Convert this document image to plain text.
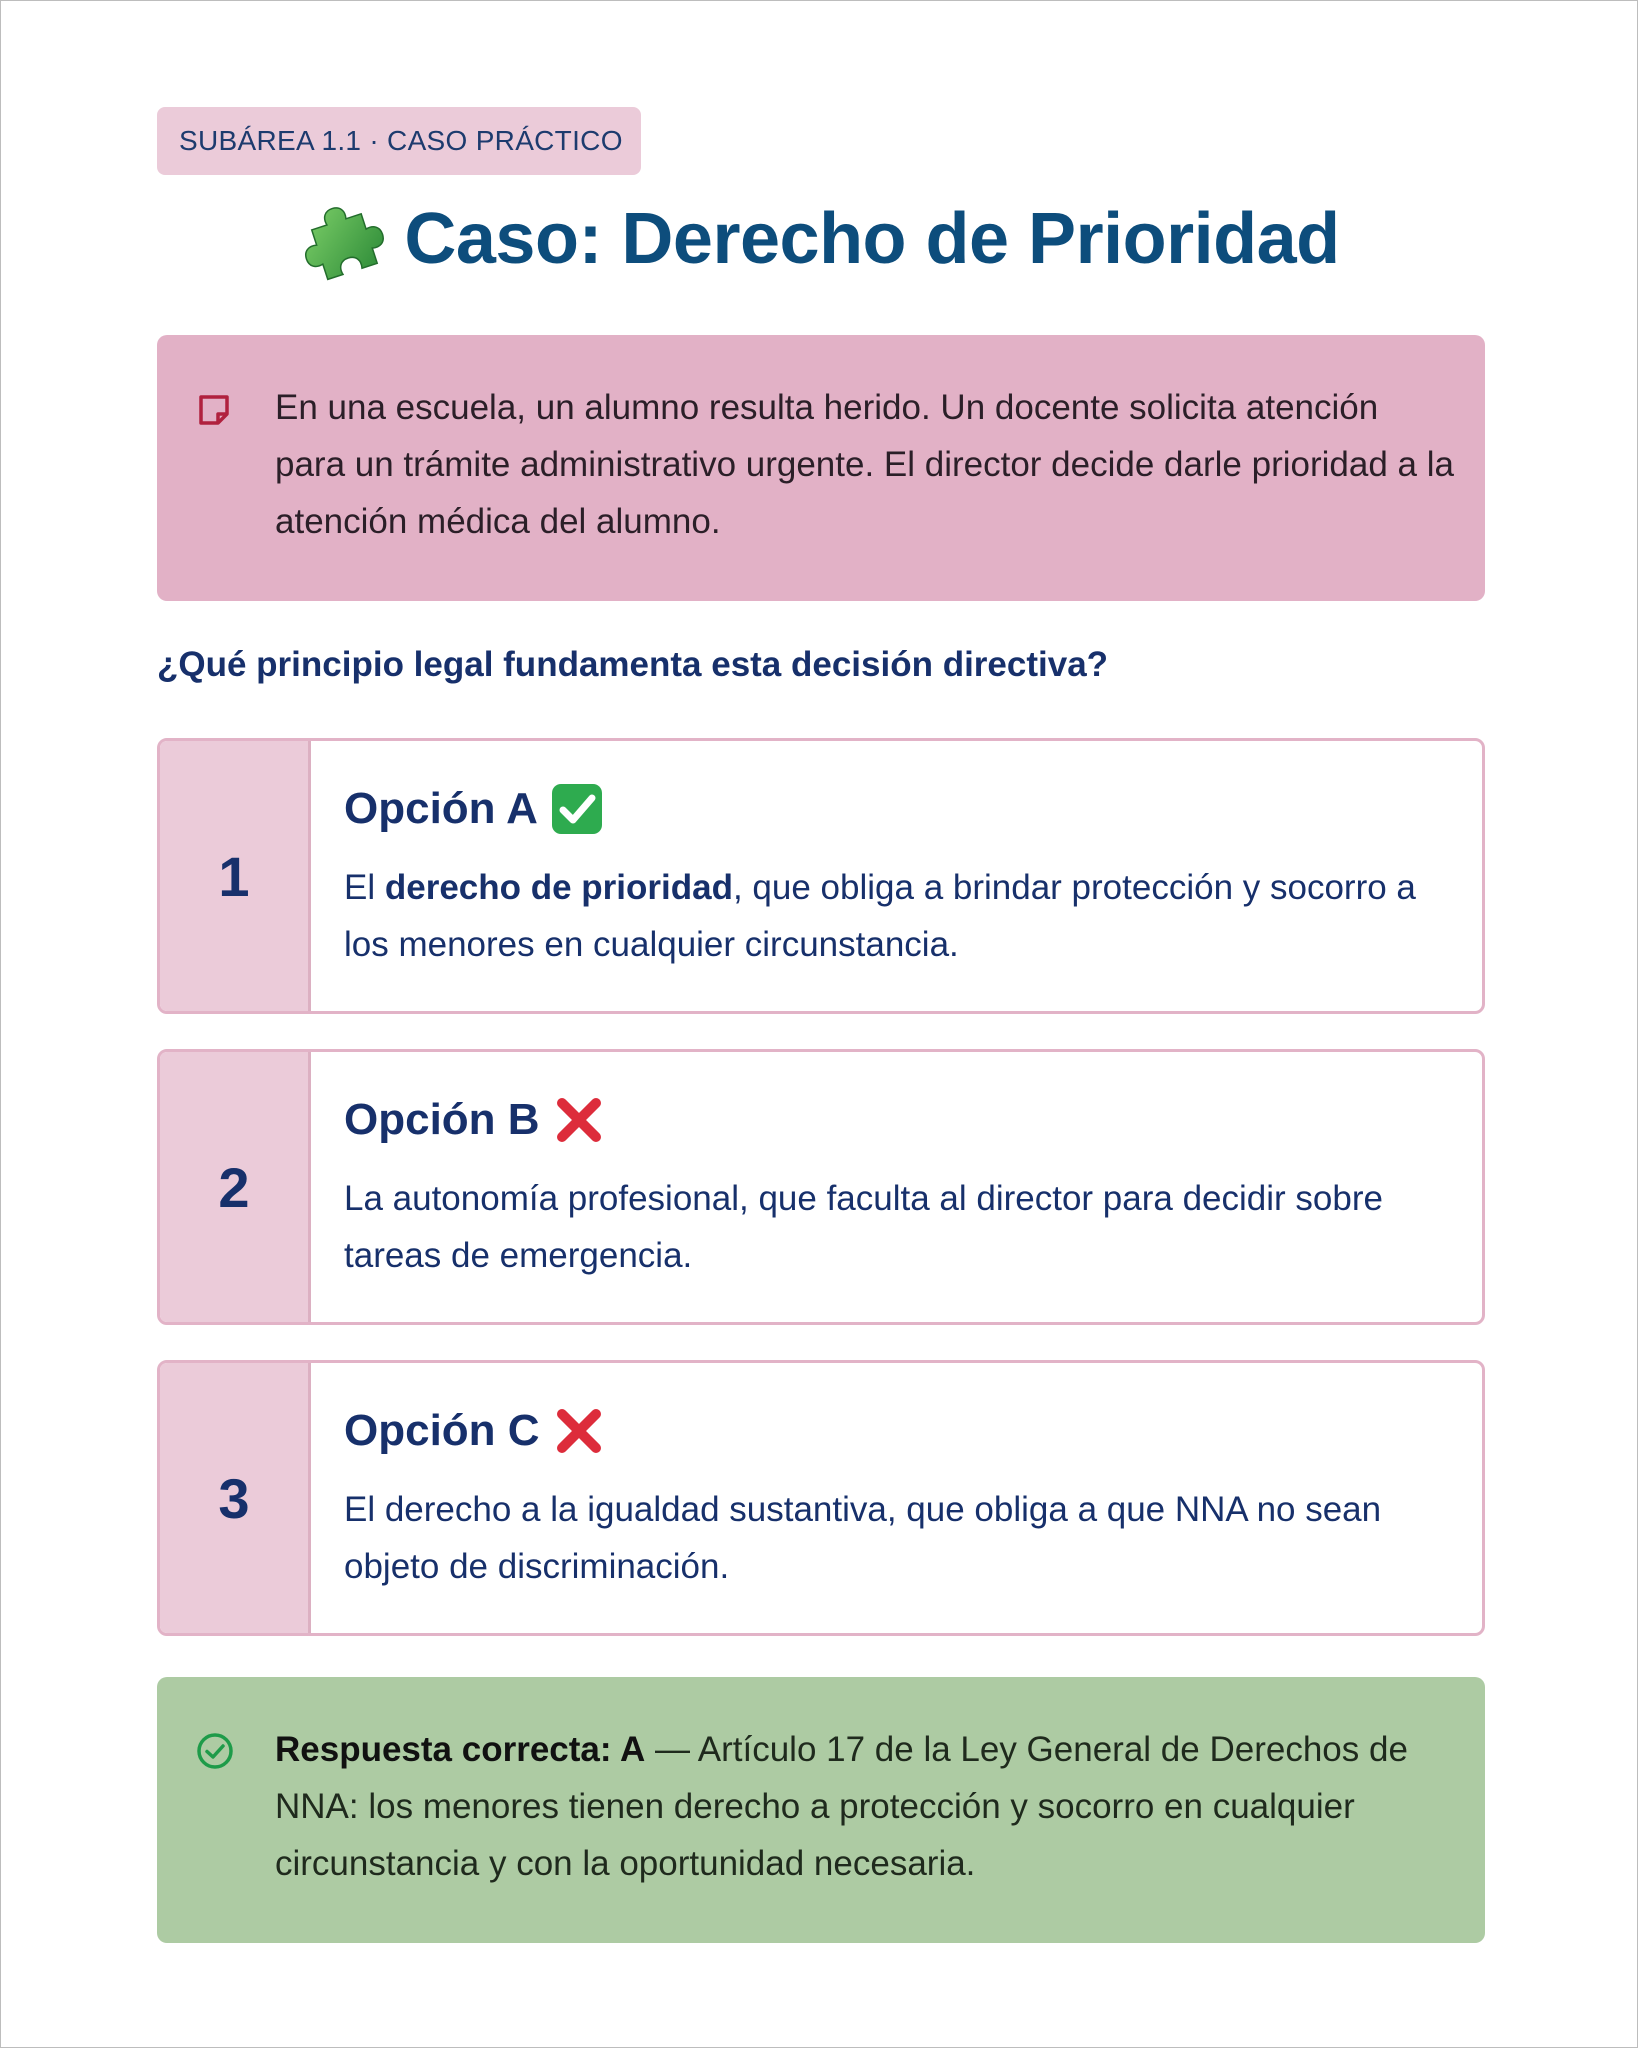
SUBÁREA 1.1 · CASO PRÁCTICO
Caso: Derecho de Prioridad
En una escuela, un alumno resulta herido. Un docente solicita atención para un trámite administrativo urgente. El director decide darle prioridad a la atención médica del alumno.
¿Qué principio legal fundamenta esta decisión directiva?
1
Opción A
El derecho de prioridad, que obliga a brindar protección y socorro a los menores en cualquier circunstancia.
2
Opción B
La autonomía profesional, que faculta al director para decidir sobre tareas de emergencia.
3
Opción C
El derecho a la igualdad sustantiva, que obliga a que NNA no sean objeto de discriminación.
Respuesta correcta: A — Artículo 17 de la Ley General de Derechos de NNA: los menores tienen derecho a protección y socorro en cualquier circunstancia y con la oportunidad necesaria.
